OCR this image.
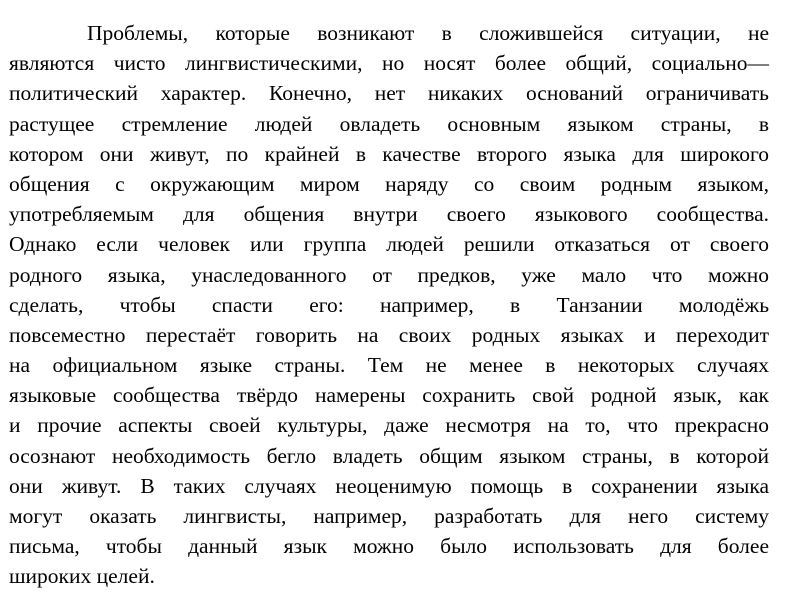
Проблемы, которые возникают в сложившейся ситуации, не
являются чисто лингвистическими, но носят более общий, социально—
политический характер. Конечно, нет никаких оснований ограничивать
растущее стремление людей овладеть основным языком страны, в
котором они живут, по крайней в качестве второго языка для широкого
общения с окружающим миром наряду со своим родным языком,
употребляемым для общения внутри своего языкового сообщества.
Однако если человек или группа людей решили отказаться от своего
родного языка, унаследованного от предков, уже мало что можно
сделать, чтобы спасти его: например, в Танзании молодёжь
повсеместно перестаёт говорить на своих родных языках и переходит
на официальном языке страны. Тем не менее в некоторых случаях
языковые сообщества твёрдо намерены сохранить свой родной язык, как
и прочие аспекты своей культуры, даже несмотря на то, что прекрасно
осознают необходимость бегло владеть общим языком страны, в которой
они живут. В таких случаях неоценимую помощь в сохранении языка
могут оказать лингвисты, например, разработать для него систему
письма, чтобы данный язык можно было использовать для более
широких целей.
